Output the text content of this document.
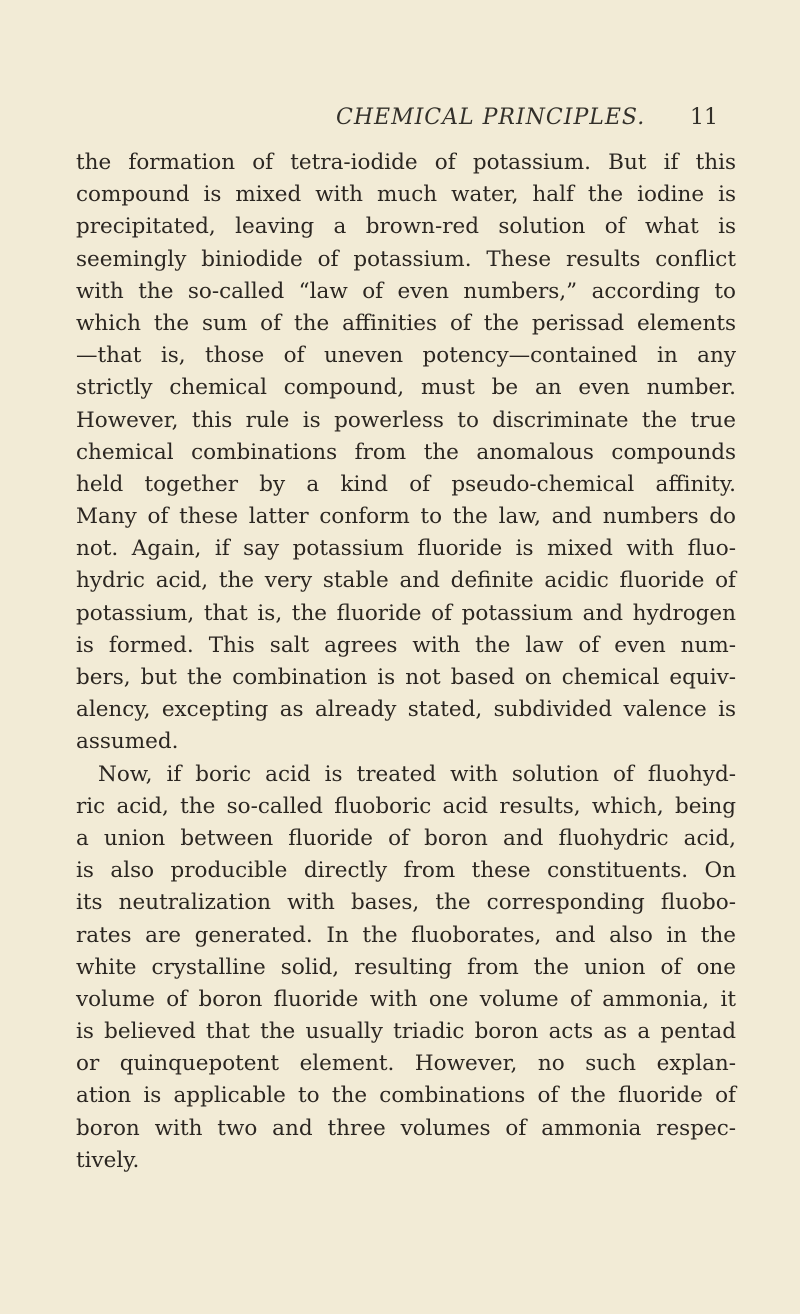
CHEMICAL PRINCIPLES. 11
the formation of tetra-iodide of potassium. But if this
compound is mixed with much water, half the iodine is
precipitated, leaving a brown-red solution of what is
seemingly biniodide of potassium. These results conflict
with the so-called “law of even numbers,” according to
which the sum of the affinities of the perissad elements
—that is, those of uneven potency—contained in any
strictly chemical compound, must be an even number.
However, this rule is powerless to discriminate the true
chemical combinations from the anomalous compounds
held together by a kind of pseudo-chemical affinity.
Many of these latter conform to the law, and numbers do
not. Again, if say potassium fluoride is mixed with fluo-
hydric acid, the very stable and definite acidic fluoride of
potassium, that is, the fluoride of potassium and hydrogen
is formed. This salt agrees with the law of even num-
bers, but the combination is not based on chemical equiv-
alency, excepting as already stated, subdivided valence is
assumed.
Now, if boric acid is treated with solution of fluohyd-
ric acid, the so-called fluoboric acid results, which, being
a union between fluoride of boron and fluohydric acid,
is also producible directly from these constituents. On
its neutralization with bases, the corresponding fluobo-
rates are generated. In the fluoborates, and also in the
white crystalline solid, resulting from the union of one
volume of boron fluoride with one volume of ammonia, it
is believed that the usually triadic boron acts as a pentad
or quinquepotent element. However, no such explan-
ation is applicable to the combinations of the fluoride of
boron with two and three volumes of ammonia respec-
tively.
